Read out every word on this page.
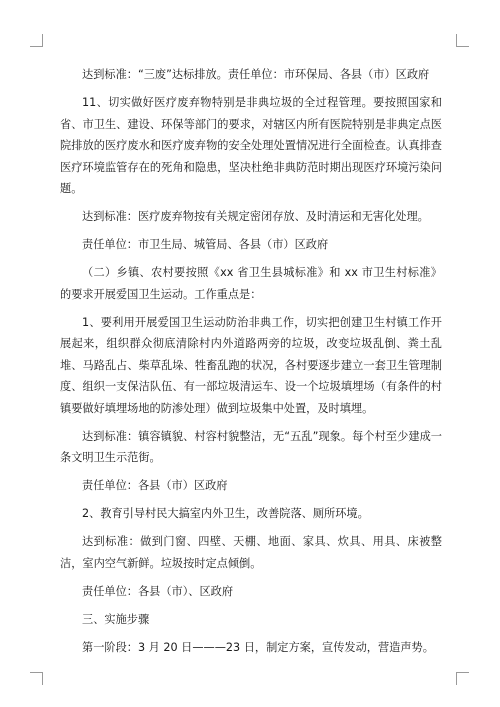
达到标准：“三废”达标排放。责任单位：市环保局、各县（市）区政府

11、切实做好医疗废弃物特别是非典垃圾的全过程管理。要按照国家和省、市卫生、建设、环保等部门的要求，对辖区内所有医院特别是非典定点医院排放的医疗废水和医疗废弃物的安全处理处置情况进行全面检查。认真排查医疗环境监管存在的死角和隐患，坚决杜绝非典防范时期出现医疗环境污染问题。

达到标准：医疗废弃物按有关规定密闭存放、及时清运和无害化处理。

责任单位：市卫生局、城管局、各县（市）区政府

（二）乡镇、农村要按照《xx 省卫生县城标准》和 xx 市卫生村标准》的要求开展爱国卫生运动。工作重点是：

1、要利用开展爱国卫生运动防治非典工作，切实把创建卫生村镇工作开展起来，组织群众彻底清除村内外道路两旁的垃圾，改变垃圾乱倒、粪土乱堆、马路乱占、柴草乱垛、牲畜乱跑的状况，各村要逐步建立一套卫生管理制度、组织一支保洁队伍、有一部垃圾清运车、设一个垃圾填埋场（有条件的村镇要做好填埋场地的防渗处理）做到垃圾集中处置，及时填埋。

达到标准：镇容镇貌、村容村貌整洁，无“五乱”现象。每个村至少建成一条文明卫生示范街。

责任单位：各县（市）区政府

2、教育引导村民大搞室内外卫生，改善院落、厕所环境。

达到标准：做到门窗、四壁、天棚、地面、家具、炊具、用具、床被整洁，室内空气新鲜。垃圾按时定点倾倒。

责任单位：各县（市）、区政府

三、实施步骤

第一阶段：3 月 20 日———23 日，制定方案，宣传发动，营造声势。
